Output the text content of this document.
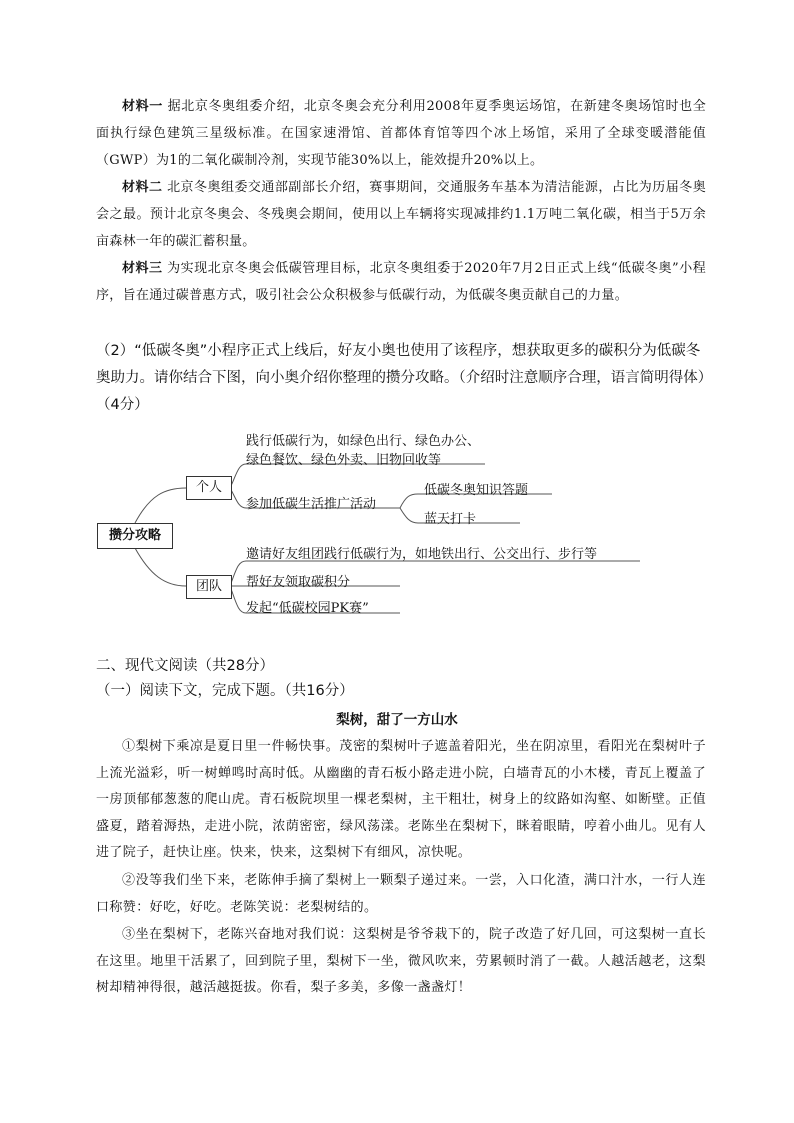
材料一 据北京冬奥组委介绍，北京冬奥会充分利用2008年夏季奥运场馆，在新建冬奥场馆时也全面执行绿色建筑三星级标准。在国家速滑馆、首都体育馆等四个冰上场馆，采用了全球变暖潜能值（GWP）为1的二氧化碳制冷剂，实现节能30%以上，能效提升20%以上。

材料二 北京冬奥组委交通部副部长介绍，赛事期间，交通服务车基本为清洁能源，占比为历届冬奥会之最。预计北京冬奥会、冬残奥会期间，使用以上车辆将实现减排约1.1万吨二氧化碳，相当于5万余亩森林一年的碳汇蓄积量。

材料三 为实现北京冬奥会低碳管理目标，北京冬奥组委于2020年7月2日正式上线“低碳冬奥”小程序，旨在通过碳普惠方式，吸引社会公众积极参与低碳行动，为低碳冬奥贡献自己的力量。

（2）“低碳冬奥”小程序正式上线后，好友小奥也使用了该程序，想获取更多的碳积分为低碳冬奥助力。请你结合下图，向小奥介绍你整理的攒分攻略。（介绍时注意顺序合理，语言简明得体）（4分）

践行低碳行为，如绿色出行、绿色办公、
绿色餐饮、绿色外卖、旧物回收等
参加低碳生活推广活动
低碳冬奥知识答题
蓝天打卡
邀请好友组团践行低碳行为，如地铁出行、公交出行、步行等
帮好友领取碳积分
发起“低碳校园PK赛”
攒分攻略
个人
团队

二、现代文阅读（共28分）

（一）阅读下文，完成下题。（共16分）

梨树，甜了一方山水

①梨树下乘凉是夏日里一件畅快事。茂密的梨树叶子遮盖着阳光，坐在阴凉里，看阳光在梨树叶子上流光溢彩，听一树蝉鸣时高时低。从幽幽的青石板小路走进小院，白墙青瓦的小木楼，青瓦上覆盖了一房顶郁郁葱葱的爬山虎。青石板院坝里一棵老梨树，主干粗壮，树身上的纹路如沟壑、如断壁。正值盛夏，踏着溽热，走进小院，浓荫密密，绿风荡漾。老陈坐在梨树下，眯着眼睛，哼着小曲儿。见有人进了院子，赶快让座。快来，快来，这梨树下有细风，凉快呢。

②没等我们坐下来，老陈伸手摘了梨树上一颗梨子递过来。一尝，入口化渣，满口汁水，一行人连口称赞：好吃，好吃。老陈笑说：老梨树结的。

③坐在梨树下，老陈兴奋地对我们说：这梨树是爷爷栽下的，院子改造了好几回，可这梨树一直长在这里。地里干活累了，回到院子里，梨树下一坐，微风吹来，劳累顿时消了一截。人越活越老，这梨树却精神得很，越活越挺拔。你看，梨子多美，多像一盏盏灯！
